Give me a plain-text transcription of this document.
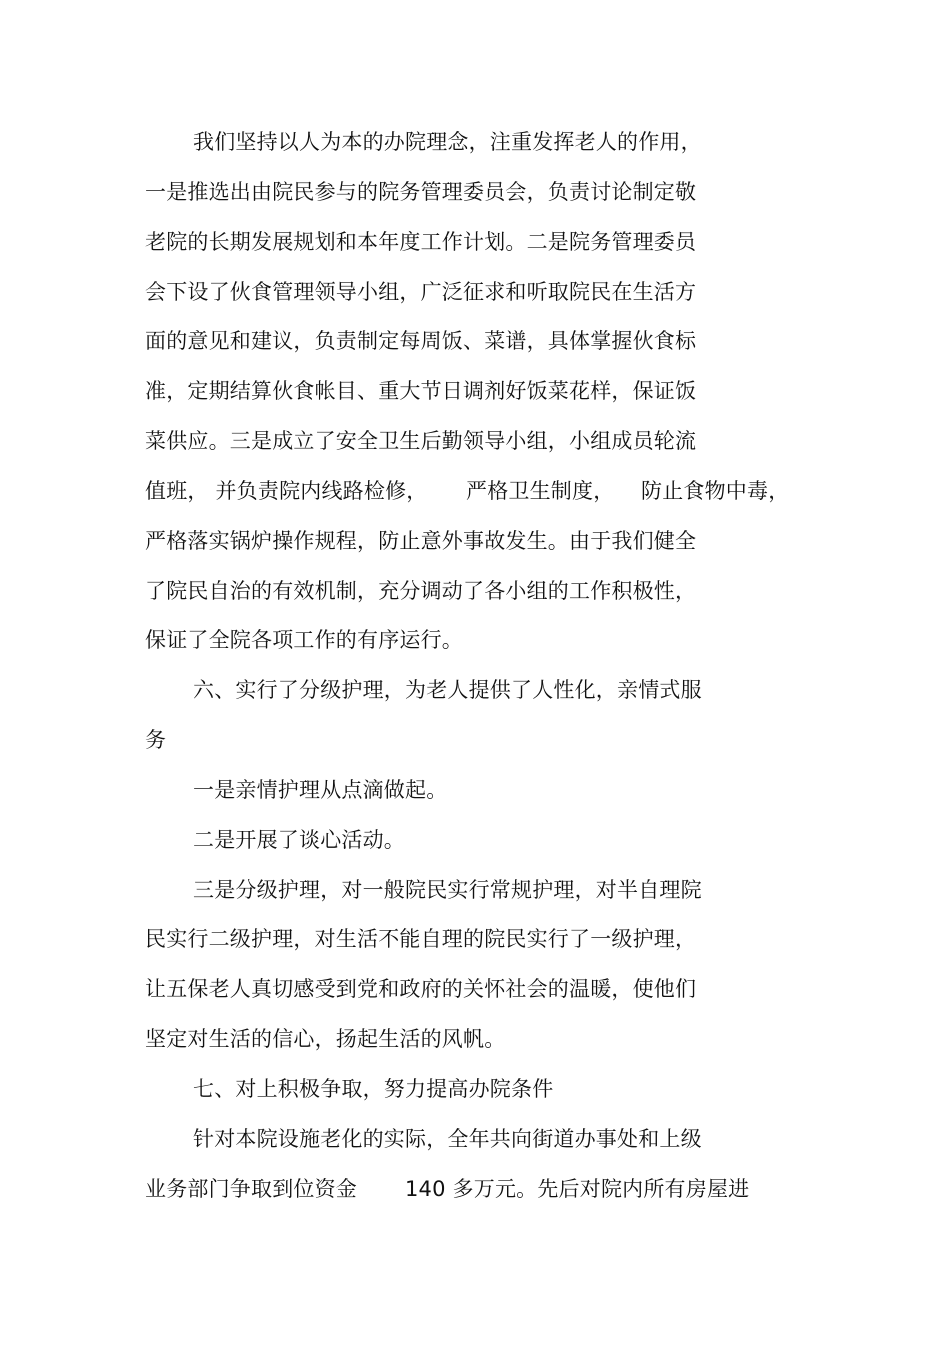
我们坚持以人为本的办院理念，注重发挥老人的作用，
一是推选出由院民参与的院务管理委员会，负责讨论制定敬
老院的长期发展规划和本年度工作计划。二是院务管理委员
会下设了伙食管理领导小组，广泛征求和听取院民在生活方
面的意见和建议，负责制定每周饭、菜谱，具体掌握伙食标
准，定期结算伙食帐目、重大节日调剂好饭菜花样，保证饭
菜供应。三是成立了安全卫生后勤领导小组，小组成员轮流
值班， 并负责院内线路检修， 严格卫生制度， 防止食物中毒，
严格落实锅炉操作规程，防止意外事故发生。由于我们健全
了院民自治的有效机制，充分调动了各小组的工作积极性，
保证了全院各项工作的有序运行。
六、实行了分级护理，为老人提供了人性化，亲情式服
务
一是亲情护理从点滴做起。
二是开展了谈心活动。
三是分级护理，对一般院民实行常规护理，对半自理院
民实行二级护理，对生活不能自理的院民实行了一级护理，
让五保老人真切感受到党和政府的关怀社会的温暖，使他们
坚定对生活的信心，扬起生活的风帆。
七、对上积极争取，努力提高办院条件
针对本院设施老化的实际，全年共向街道办事处和上级
业务部门争取到位资金 140 多万元。先后对院内所有房屋进
